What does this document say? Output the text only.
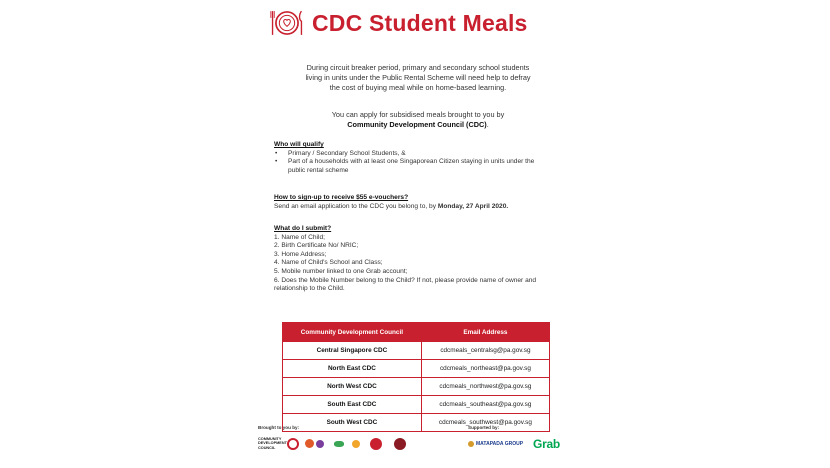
CDC Student Meals
During circuit breaker period, primary and secondary school students
living in units under the Public Rental Scheme will need help to defray
the cost of buying meal while on home-based learning.
You can apply for subsidised meals brought to you by
Community Development Council (CDC).
Who will qualify
• Primary / Secondary School Students, &
• Part of a households with at least one Singaporean Citizen staying in units under the public rental scheme
How to sign-up to receive $55 e-vouchers?
Send an email application to the CDC you belong to, by Monday, 27 April 2020.
What do I submit?
1. Name of Child;
2. Birth Certificate No/ NRIC;
3. Home Address;
4. Name of Child's School and Class;
5. Mobile number linked to one Grab account;
6. Does the Mobile Number belong to the Child? If not, please provide name of owner and relationship to the Child.
Community Development Council	Email Address
Central Singapore CDC	cdcmeals_centralsg@pa.gov.sg
North East CDC	cdcmeals_northeast@pa.gov.sg
North West CDC	cdcmeals_northwest@pa.gov.sg
South East CDC	cdcmeals_southeast@pa.gov.sg
South West CDC	cdcmeals_southwest@pa.gov.sg
Brought to you by:	Supported by:
COMMUNITY DEVELOPMENT COUNCIL
MATAPADA GROUP Grab
